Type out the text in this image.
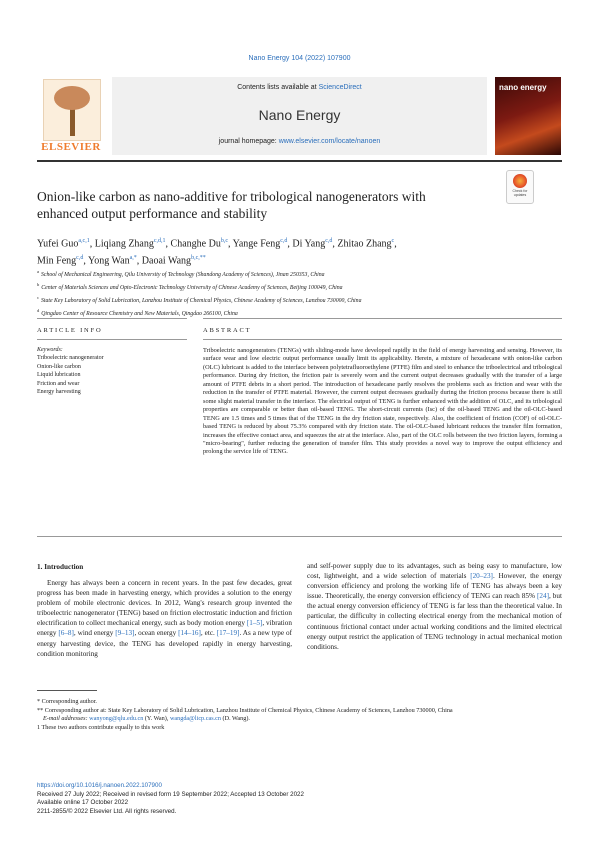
Nano Energy 104 (2022) 107900
ELSEVIER
Contents lists available at ScienceDirect
Nano Energy
journal homepage: www.elsevier.com/locate/nanoen
nano energy
Onion-like carbon as nano-additive for tribological nanogenerators with enhanced output performance and stability
Check for updates
Yufei Guo$^{a,c,1}$, Liqiang Zhang$^{c,d,1}$, Changhe Du$^{b,c}$, Yange Feng$^{c,d}$, Di Yang$^{c,d}$, Zhitao Zhang$^c$,
Min Feng$^{c,d}$, Yong Wan$^{a,*}$, Daoai Wang$^{b,c,**}$
$^a$School of Mechanical Engineering, Qilu University of Technology (Shandong Academy of Sciences), Jinan 250353, China
$^b$Center of Materials Sciences and Opto-Electronic Technology University of Chinese Academy of Sciences, Beijing 100049, China
$^c$State Key Laboratory of Solid Lubrication, Lanzhou Institute of Chemical Physics, Chinese Academy of Sciences, Lanzhou 730000, China
$^d$Qingdao Center of Resource Chemistry and New Materials, Qingdao 266100, China
ARTICLE INFO	ABSTRACT
Keywords:
Triboelectric nanogenerator
Onion-like carbon
Liquid lubrication
Friction and wear
Energy harvesting
Triboelectric nanogenerators (TENGs) with sliding-mode have developed rapidly in the field of energy harvesting and sensing. However, its surface wear and low electric output performance usually limit its applicability. Herein, a mixture of hexadecane with onion-like carbon (OLC) lubricant is added to the interface between polytetrafluoroethylene (PTFE) film and steel to enhance the triboelectrical and tribological performance. During dry friction, the friction pair is severely worn and the current output decreases gradually with the transfer of a large amount of PTFE debris in a short period. The introduction of hexadecane partly resolves the problems such as friction and wear with the reduction in the transfer of PTFE material. However, the current output decreases gradually during the friction process because there is still some slight material transfer in the interface. The electrical output of TENG is further enhanced with the addition of OLC, and its tribological properties are comparable or better than oil-based TENG. The short-circuit currents (Isc) of the oil-based TENG and the oil-OLC-based TENG are 1.5 times and 5 times that of the TENG in the dry friction state, respectively. Also, the coefficient of friction (COF) of oil-OLC-based TENG is reduced by about 75.3% compared with dry friction state. The oil-OLC-based lubricant reduces the transfer film formation, increases the effective contact area, and squeezes the air at the interface. Also, part of the OLC rolls between the two friction layers, forming a "micro-bearing", further reducing the generation of transfer film. This study provides a novel way to improve the output efficiency and prolong the service life of TENG.
1. Introduction

Energy has always been a concern in recent years. In the past few decades, great progress has been made in harvesting energy, which provides a solution to the energy problem of mobile electronic devices. In 2012, Wang's research group invented the triboelectric nanogenerator (TENG) based on friction electrostatic induction and friction electrification to collect mechanical energy, such as body motion energy [1–5], vibration energy [6–8], wind energy [9–13], ocean energy [14–16], etc. [17–19]. As a new type of energy harvesting device, the TENG has developed rapidly in energy harvesting, condition monitoring

and self-power supply due to its advantages, such as being easy to manufacture, low cost, lightweight, and a wide selection of materials [20–23]. However, the energy conversion efficiency and prolong the working life of TENG has always been a key issue. Theoretically, the energy conversion efficiency of TENG can reach 85% [24], but the actual energy conversion efficiency of TENG is far less than the theoretical value. In particular, the difficulty in collecting electrical energy from the mechanical motion of continuous frictional contact under actual working conditions and the limited electrical energy output restrict the application of TENG technology in actual mechanical motion conditions.

* Corresponding author.
** Corresponding author at: State Key Laboratory of Solid Lubrication, Lanzhou Institute of Chemical Physics, Chinese Academy of Sciences, Lanzhou 730000, China
E-mail addresses: wanyong@qlu.edu.cn (Y. Wan), wangda@licp.cas.cn (D. Wang).
1 These two authors contribute equally to this work
https://doi.org/10.1016/j.nanoen.2022.107900
Received 27 July 2022; Received in revised form 19 September 2022; Accepted 13 October 2022
Available online 17 October 2022
2211-2855/© 2022 Elsevier Ltd. All rights reserved.
